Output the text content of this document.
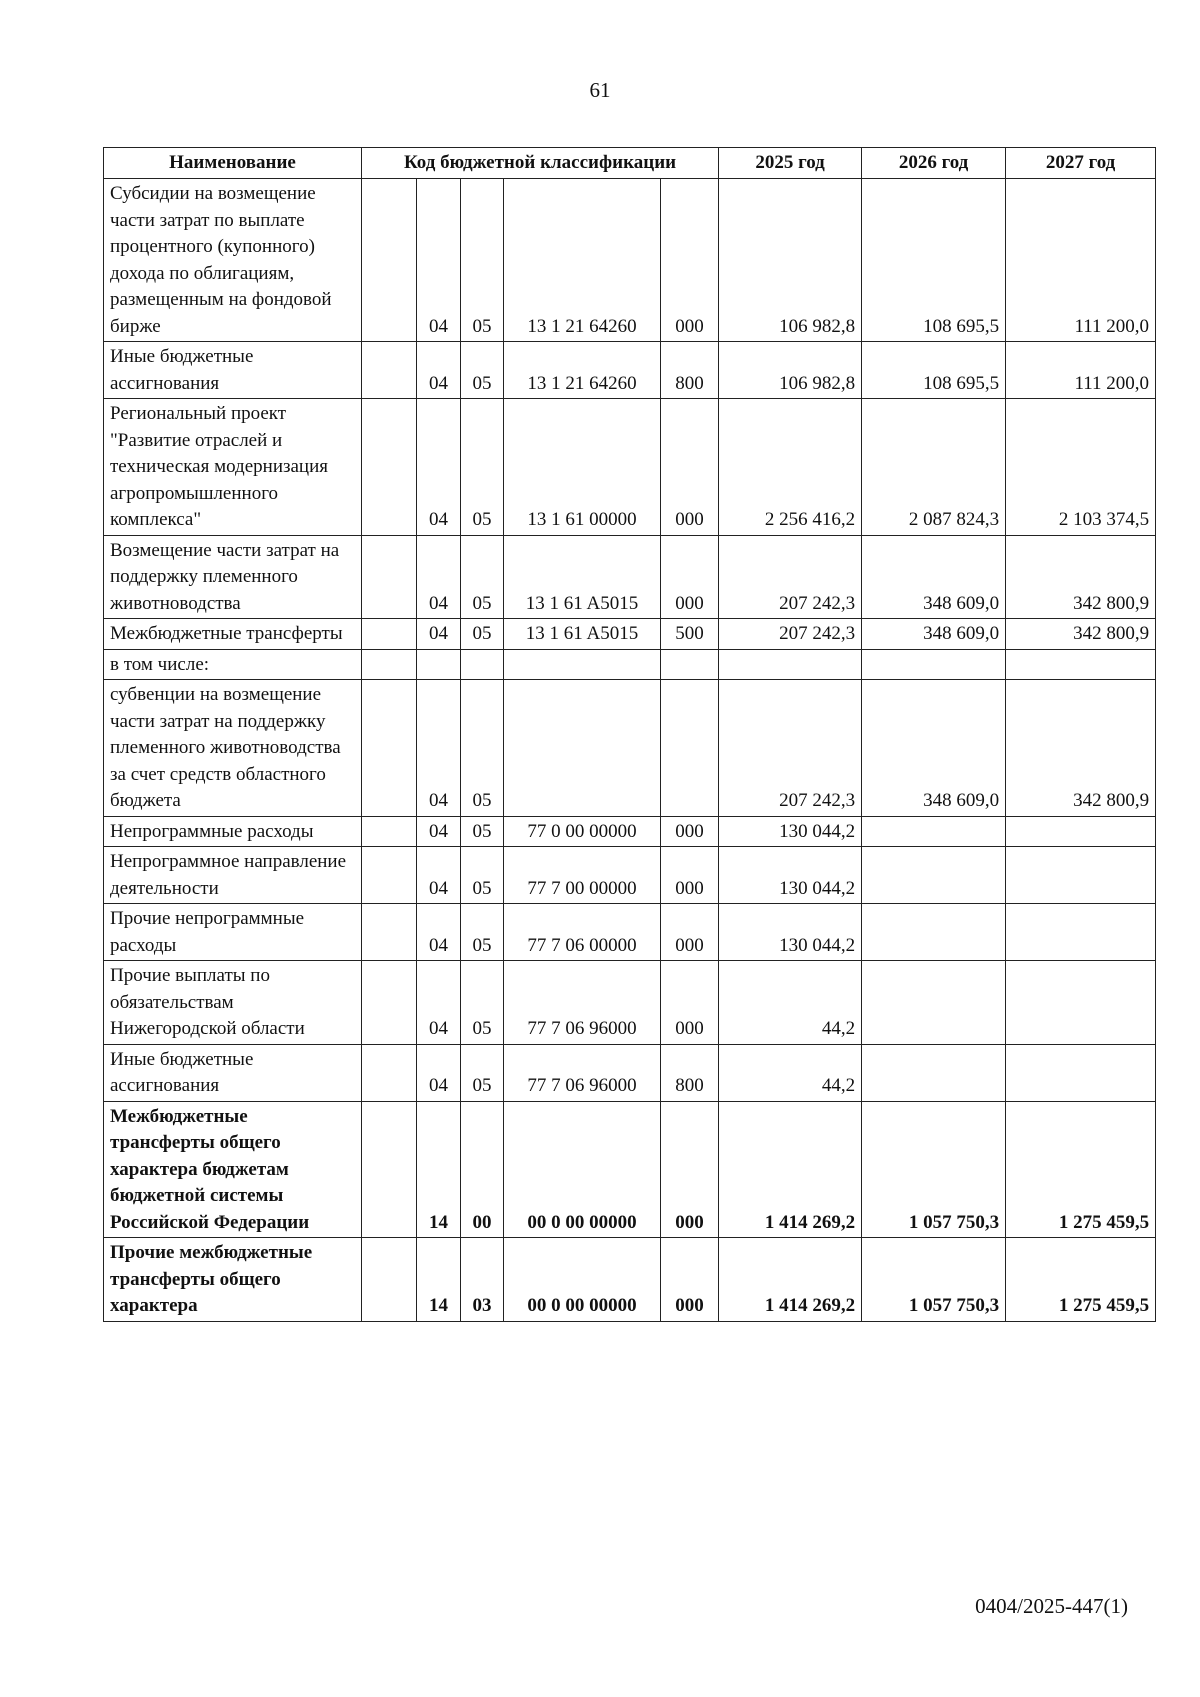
61
Наименование	Код бюджетной классификации					2025 год	2026 год	2027 год
Субсидии на возмещение части затрат по выплате процентного (купонного) дохода по облигациям, размещенным на фондовой бирже		04	05	13 1 21 64260	000	106 982,8	108 695,5	111 200,0
Иные бюджетные ассигнования		04	05	13 1 21 64260	800	106 982,8	108 695,5	111 200,0
Региональный проект "Развитие отраслей и техническая модернизация агропромышленного комплекса"		04	05	13 1 61 00000	000	2 256 416,2	2 087 824,3	2 103 374,5
Возмещение части затрат на поддержку племенного животноводства		04	05	13 1 61 A5015	000	207 242,3	348 609,0	342 800,9
Межбюджетные трансферты		04	05	13 1 61 A5015	500	207 242,3	348 609,0	342 800,9
в том числе:								
субвенции на возмещение части затрат на поддержку племенного животноводства за счет средств областного бюджета		04	05			207 242,3	348 609,0	342 800,9
Непрограммные расходы		04	05	77 0 00 00000	000	130 044,2		
Непрограммное направление деятельности		04	05	77 7 00 00000	000	130 044,2		
Прочие непрограммные расходы		04	05	77 7 06 00000	000	130 044,2		
Прочие выплаты по обязательствам Нижегородской области		04	05	77 7 06 96000	000	44,2		
Иные бюджетные ассигнования		04	05	77 7 06 96000	800	44,2		
Межбюджетные трансферты общего характера бюджетам бюджетной системы Российской Федерации		14	00	00 0 00 00000	000	1 414 269,2	1 057 750,3	1 275 459,5
Прочие межбюджетные трансферты общего характера		14	03	00 0 00 00000	000	1 414 269,2	1 057 750,3	1 275 459,5
0404/2025-447(1)
